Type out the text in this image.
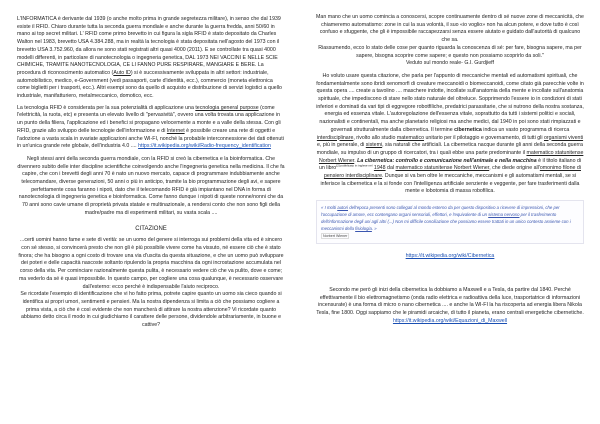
L'INFORMATICA è derivante dal 1939 (o anche molto prima in grande segretezza militare), in senso che dal 1939 esiste il RFID. Chiaro durante tutta la seconda guerra mondiale e anche durante la guerra fredda, anni 50/60 in mano ai top secret militari. L' RFID come primo brevetto in cui figura la sigla RFID è stato depositato da Charles Walton nel 1983, brevetto USA 4.384.288, ma in realtà la tecnologia è stata depositata nell'agosto del 1973 con il brevetto USA 3.752.960, da allora ne sono stati registrati altri quasi 4000 (2011). E se controllate tra quasi 4000 modelli differenti, in particolare di nanotecnologia o ingegneria genetica, DAL 1973 NEI VACCINI E NELLE SCIE CHIMICHE, TRAMITE NANOTECNOLOGIA, CE LI FANNO PURE RESPIRARE, MANGIARE E BERE. La procedura di riconoscimento automatico (Auto ID) si è successivamente sviluppata in altri settori: industriale, automobilistico, medico, e-Government (vedi passaporti, carte d'identità, ecc.), commercio (moneta elettronica come biglietti per i trasporti, ecc.). Altri esempi sono da quello di acquisto e distribuzione di servizi logistici a quello industriale, manifatturiero, metalmeccanico, domotico, ecc.

La tecnologia RFID è considerata per la sua potenzialità di applicazione una tecnologia general purpose (come l'elettricità, la ruota, etc) e presenta un elevato livello di "pervasività", ovvero una volta trovata una applicazione in un punto della filiera, l'applicazione ed i benefici si propagano velocemente a monte e a valle della stessa. Con gli RFID, grazie allo sviluppo delle tecnologie dell'informazione e di Internet è possibile creare una rete di oggetti e l'adozione a vasta scala in svariate applicazioni anche WI-FI, nonché la probabile interconnessione dei dati ottenuti in un'unica grande rete globale, dell'industria 4.0 .... https://it.wikipedia.org/wiki/Radio-frequency_identification

Negli stessi anni della seconda guerra mondiale, con la RFID si creò la cibernetica e la bioinformatica. Che divennero subito delle inter discipline scientifiche coinvolgendo anche l'ingegneria genetica nella medicina. Il che fa capire, che con i brevetti degli anni 70 è nato un nuovo mercato, capace di programmare indubbiamente anche telecomandare, diverse generazioni, 50 anni o più in anticipo, tramite la bio programmazione degli avi, e sapere perfettamente cosa faranno i nipoti, dato che il telecomando RFID è già impiantano nel DNA in forma di nanotecnologia di ingegneria genetica e bioinformatica. Come fanno dunque i nipoti di queste nonne/nonni che da 70 anni sono cavie umane di proprietà privata statale e multinazionale, a rendersi conto che non sono figli della madre/padre ma di esperimenti militari, su vasta scala ....

CITAZIONE

...certi uomini hanno fame e sete di verità: se un uomo del genere si interroga sui problemi della vita ed è sincero con sé stesso, si convincerà presto che non gli è più possibile vivere come ha vissuto, né essere ciò che è stato finora; che ha bisogno a ogni costo di trovare una via d'uscita da questa situazione, e che un uomo può sviluppare dei poteri e delle capacità nascoste soltanto ripulendo la propria macchina da ogni incrostazione accumulata nel corso della vita. Per cominciare razionalmente questa pulita, è necessario vedere ciò che va pulito, dove e come; ma vederlo da sé è quasi impossibile. In questo campo, per cogliere una cosa qualunque, è necessario osservare dall'esterno: ecco perché è indispensabile l'aiuto reciproco.

Se ricordate l'esempio di identificazione che vi ho fatto prima, potrete capire quanto un uomo sia cieco quando si identifica ai propri umori, sentimenti e pensieri. Ma la nostra dipendenza si limita a ciò che possiamo cogliere a prima vista, a ciò che è così evidente che non mancherà di attirare la nostra attenzione? Vi ricordate quanto abbiamo detto circa il modo in cui giudichiamo il carattere delle persone, dividendole arbitrariamente, in buone e cattive?

Man mano che un uomo comincia a conoscersi, scopre continuamente dentro di sé nuove zone di meccanicità, che chiameremo automatismo: zone in cui la sua volontà, il suo «io voglio» non ha alcun potere, e dove tutto è così confuso e sfuggente, che gli è impossibile raccapezzarsi senza essere aiutato e guidato dall'autorità di qualcuno che sa.

Riassumendo, ecco lo stato delle cose per quanto riguarda la conoscenza di sé: per fare, bisogna sapere, ma per sapere, bisogna scoprire come sapere; e questo non possiamo scoprirlo da soli."

Veduto sul mondo reale- G.I. Gurdjieff

Ho voluto usare questa citazione, che parla per l'appunto di meccaniche mentali ed automatismi spirituali, che fondamentalmente sono ibridi xenomorfi di creature meccanoidi o biomeccanoidi, come citato già parecchie volte in questa opera .... create a tavolino .... maschere indotte, incollate sull'anatomia della mente e incollate sull'anatomia spirituale, che impediscono di stare nello stato naturale del oltreluce. Sopprimendo l'essere io in condizioni di stati inferiori e dominati da vari tipi di eggregore robotfiliche, predatrici parassitarie, che si nutrono della nostra sostanza, energia ed essenza vitale. L'autoregolazione dell'essenza vitale, soprattutto da tutti i sistemi politici e sociali, nazionalisti e continentali, ma anche planetario religiosi ma anche medici, dal 1940 in poi sono stati rimpiazzati e governati strutturalmente dalla cibernetica. Il termine cibernetica indica un vasto programma di ricerca interdisciplinare, rivolto allo studio matematico unitario per il pilotaggio e governamento, di tutti gli organismi viventi e, più in generale, di sistemi, sia naturali che artificiali. La cibernetica nacque durante gli anni della seconda guerra mondiale, su impulso di un gruppo di ricercatori, tra i quali ebbe una parte predominante il matematico statunitense Norbert Wiener. La cibernetica: controllo e comunicazione nell'animale e nella macchina è il titolo italiano di un libro$^{[2] pubblicato in inglese nel}$ 1948 dal matematico statunitense Norbert Wiener, che diede origine all'omonimo filone di pensiero interdisciplinare. Dunque si va ben oltre le meccaniche, meccanismi e gli automatismi mentali, se si inferisce la cibernetica e la si fonde con l'intelligenza artificiale senziente e veggente, per fare trasferimenti dalla mente e lobotomia di massa robofilica.

« I molti autori dell'epoca presenti sono collegati al mondo esterno da per questo dispositivo a ricevere di impressioni, che per l'occupazione di amore, ecc contengano organi sensoriali, effettori, e l'equivalente di un sistema nervoso per il trasferimento dell'informazione degli uni agli altri (...) Non mi difficile conciliazione che possiamo essere trattati in un unico contesto assieme con i meccanismi della fisiologia. »
Norbert Wiener

https://it.wikipedia.org/wiki/Cibernetica

Secondo me però gli inizi della cibernetica la dobbiamo a Maxwell e a Tesla, da partire dal 1840. Perché effettivamente il bio elettromagnetismo (onda radio elettrica e radioattiva della luce, trasportatrice di informazioni incensurate) è una forma di micro o nano cibernetica .... e anche la WI-FI la ha riscoperta ad energia libera Nikola Tesla, fine 1800. Oggi sappiamo che le piramidi arcaiche, di tutto il pianeta, erano centrali energetiche cibernetiche.

https://it.wikipedia.org/wiki/Equazioni_di_Maxwell
